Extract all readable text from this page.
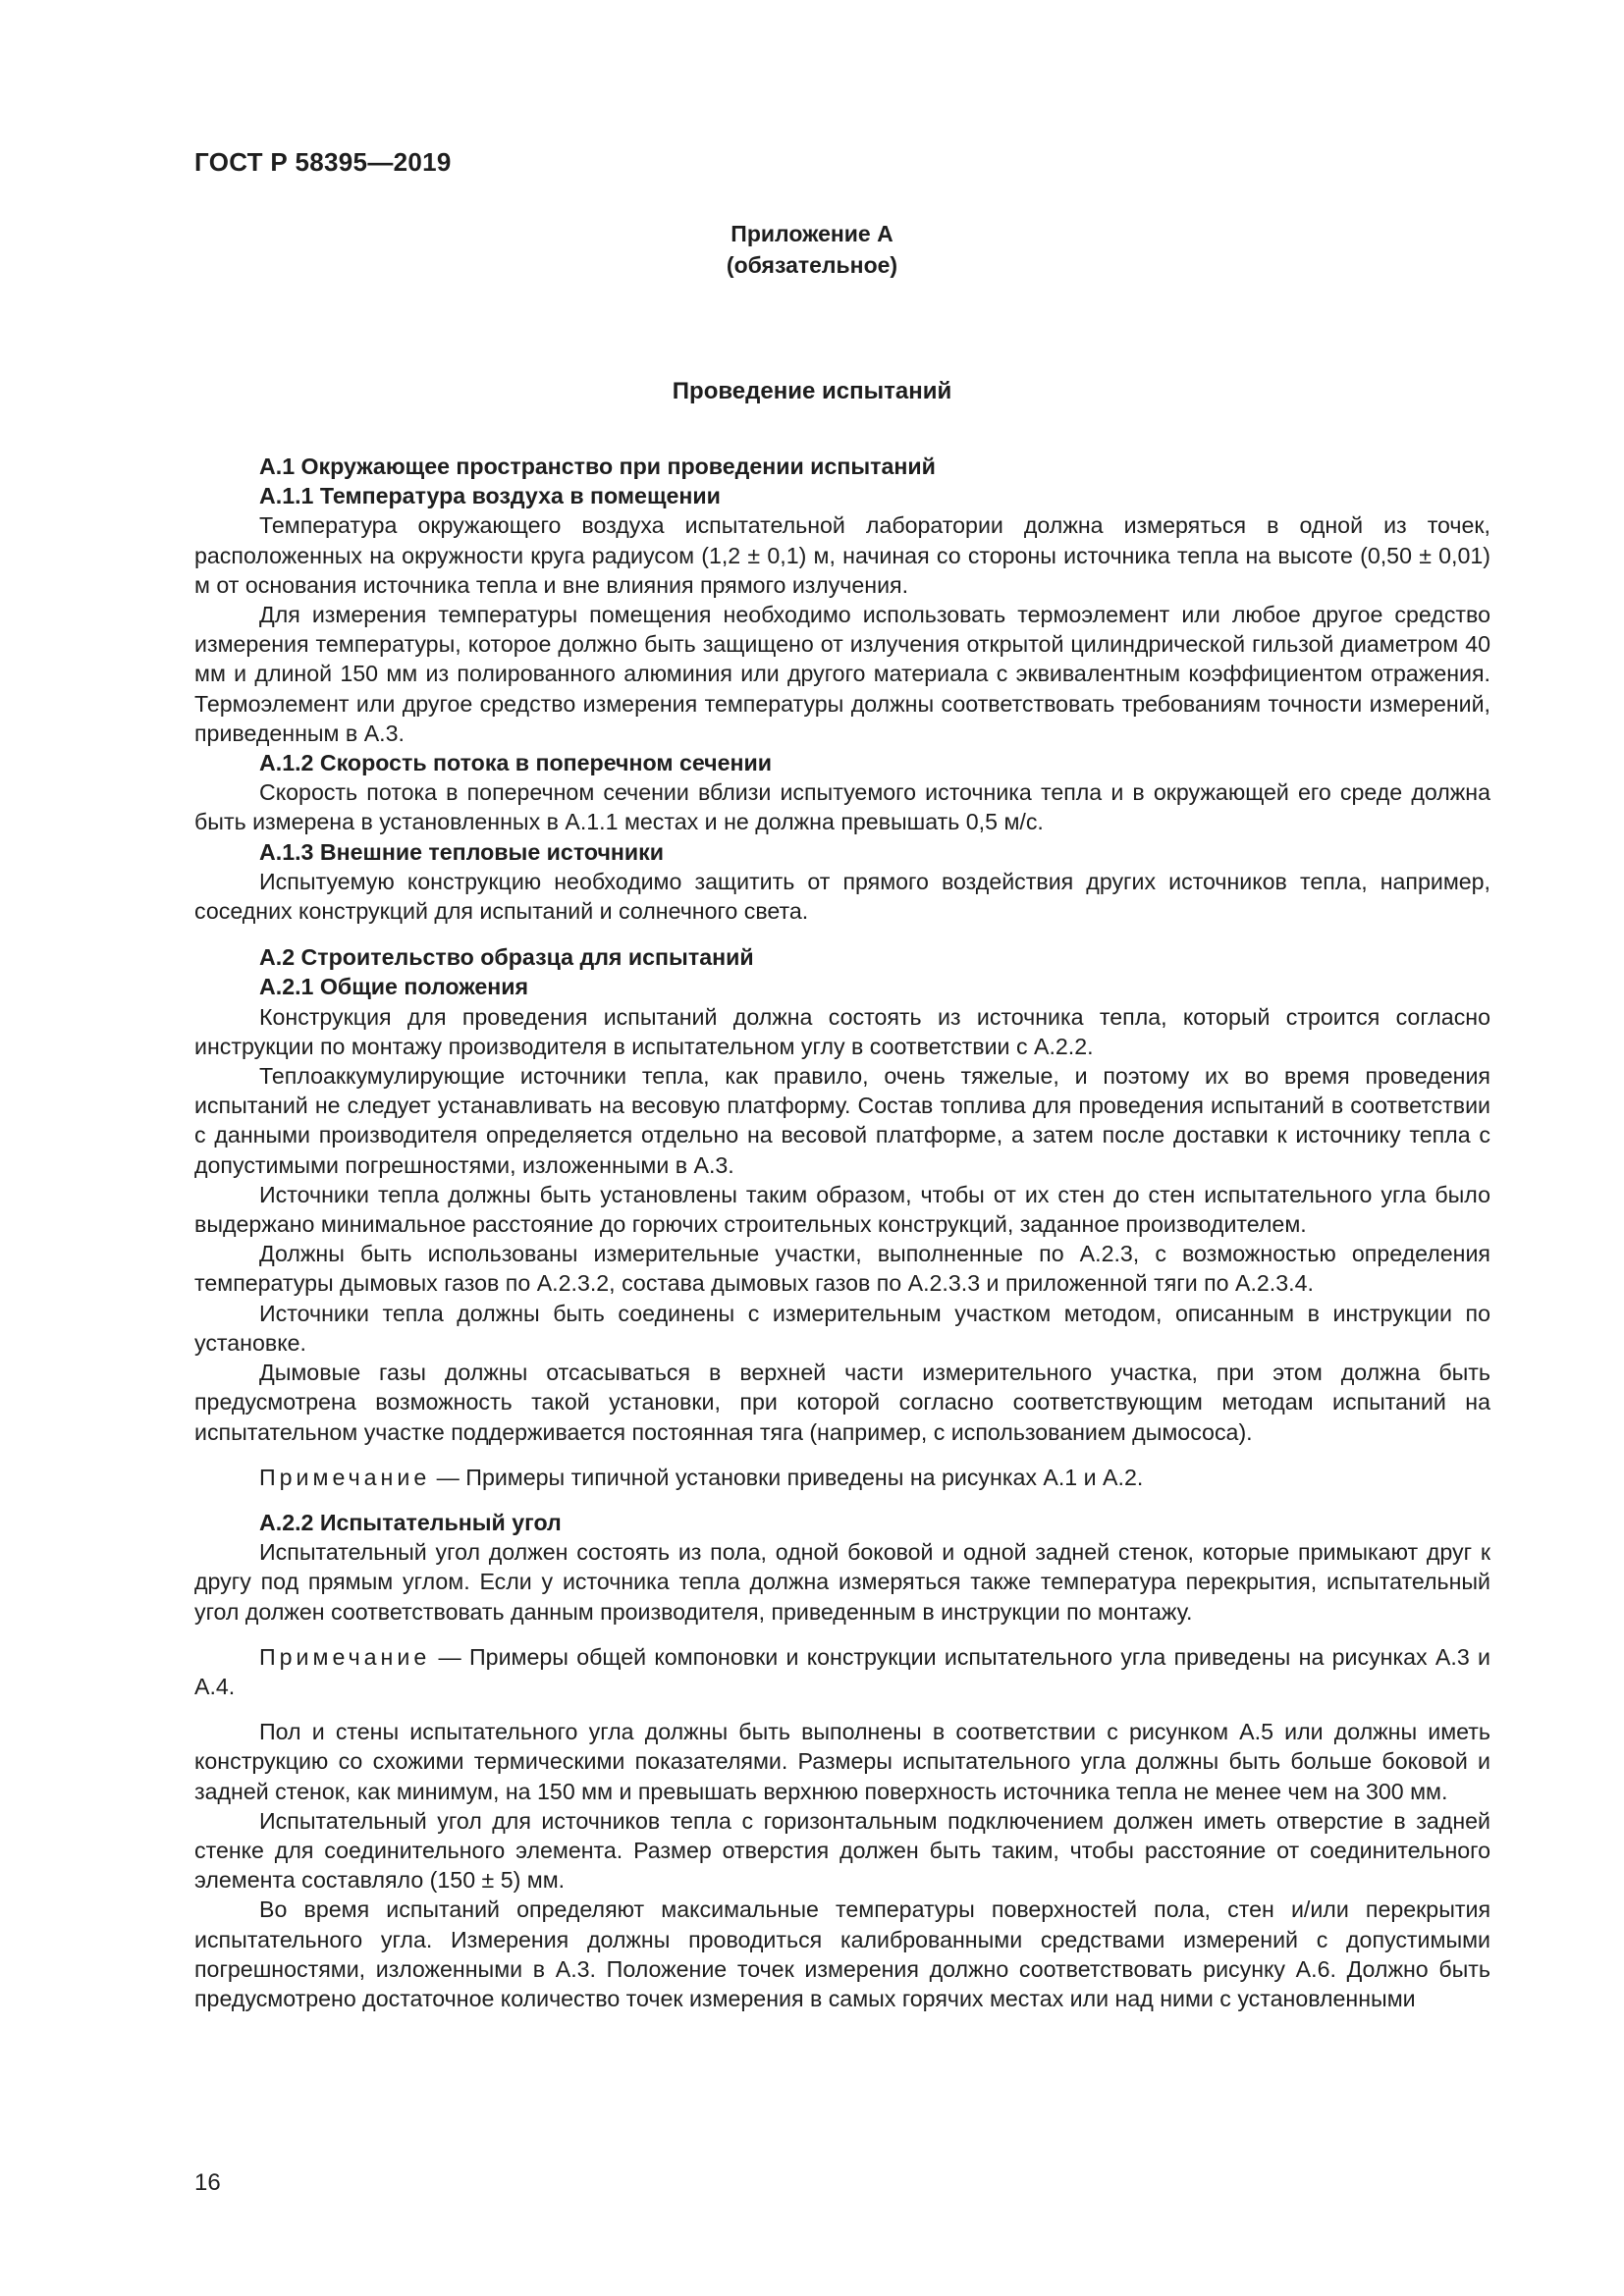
ГОСТ Р 58395—2019
Приложение А
(обязательное)
Проведение испытаний

А.1 Окружающее пространство при проведении испытаний

А.1.1 Температура воздуха в помещении

Температура окружающего воздуха испытательной лаборатории должна измеряться в одной из точек, расположенных на окружности круга радиусом (1,2 ± 0,1) м, начиная со стороны источника тепла на высоте (0,50 ± 0,01) м от основания источника тепла и вне влияния прямого излучения.

Для измерения температуры помещения необходимо использовать термоэлемент или любое другое средство измерения температуры, которое должно быть защищено от излучения открытой цилиндрической гильзой диаметром 40 мм и длиной 150 мм из полированного алюминия или другого материала с эквивалентным коэффициентом отражения. Термоэлемент или другое средство измерения температуры должны соответствовать требованиям точности измерений, приведенным в А.3.

А.1.2 Скорость потока в поперечном сечении

Скорость потока в поперечном сечении вблизи испытуемого источника тепла и в окружающей его среде должна быть измерена в установленных в А.1.1 местах и не должна превышать 0,5 м/с.

А.1.3 Внешние тепловые источники

Испытуемую конструкцию необходимо защитить от прямого воздействия других источников тепла, например, соседних конструкций для испытаний и солнечного света.

А.2 Строительство образца для испытаний

А.2.1 Общие положения

Конструкция для проведения испытаний должна состоять из источника тепла, который строится согласно инструкции по монтажу производителя в испытательном углу в соответствии с А.2.2.

Теплоаккумулирующие источники тепла, как правило, очень тяжелые, и поэтому их во время проведения испытаний не следует устанавливать на весовую платформу. Состав топлива для проведения испытаний в соответствии с данными производителя определяется отдельно на весовой платформе, а затем после доставки к источнику тепла с допустимыми погрешностями, изложенными в А.3.

Источники тепла должны быть установлены таким образом, чтобы от их стен до стен испытательного угла было выдержано минимальное расстояние до горючих строительных конструкций, заданное производителем.

Должны быть использованы измерительные участки, выполненные по А.2.3, с возможностью определения температуры дымовых газов по А.2.3.2, состава дымовых газов по А.2.3.3 и приложенной тяги по А.2.3.4.

Источники тепла должны быть соединены с измерительным участком методом, описанным в инструкции по установке.

Дымовые газы должны отсасываться в верхней части измерительного участка, при этом должна быть предусмотрена возможность такой установки, при которой согласно соответствующим методам испытаний на испытательном участке поддерживается постоянная тяга (например, с использованием дымососа).

Примечание — Примеры типичной установки приведены на рисунках А.1 и А.2.

А.2.2 Испытательный угол

Испытательный угол должен состоять из пола, одной боковой и одной задней стенок, которые примыкают друг к другу под прямым углом. Если у источника тепла должна измеряться также температура перекрытия, испытательный угол должен соответствовать данным производителя, приведенным в инструкции по монтажу.

Примечание — Примеры общей компоновки и конструкции испытательного угла приведены на рисунках А.3 и А.4.

Пол и стены испытательного угла должны быть выполнены в соответствии с рисунком А.5 или должны иметь конструкцию со схожими термическими показателями. Размеры испытательного угла должны быть больше боковой и задней стенок, как минимум, на 150 мм и превышать верхнюю поверхность источника тепла не менее чем на 300 мм.

Испытательный угол для источников тепла с горизонтальным подключением должен иметь отверстие в задней стенке для соединительного элемента. Размер отверстия должен быть таким, чтобы расстояние от соединительного элемента составляло (150 ± 5) мм.

Во время испытаний определяют максимальные температуры поверхностей пола, стен и/или перекрытия испытательного угла. Измерения должны проводиться калиброванными средствами измерений с допустимыми погрешностями, изложенными в А.3. Положение точек измерения должно соответствовать рисунку А.6. Должно быть предусмотрено достаточное количество точек измерения в самых горячих местах или над ними с установленными

16
